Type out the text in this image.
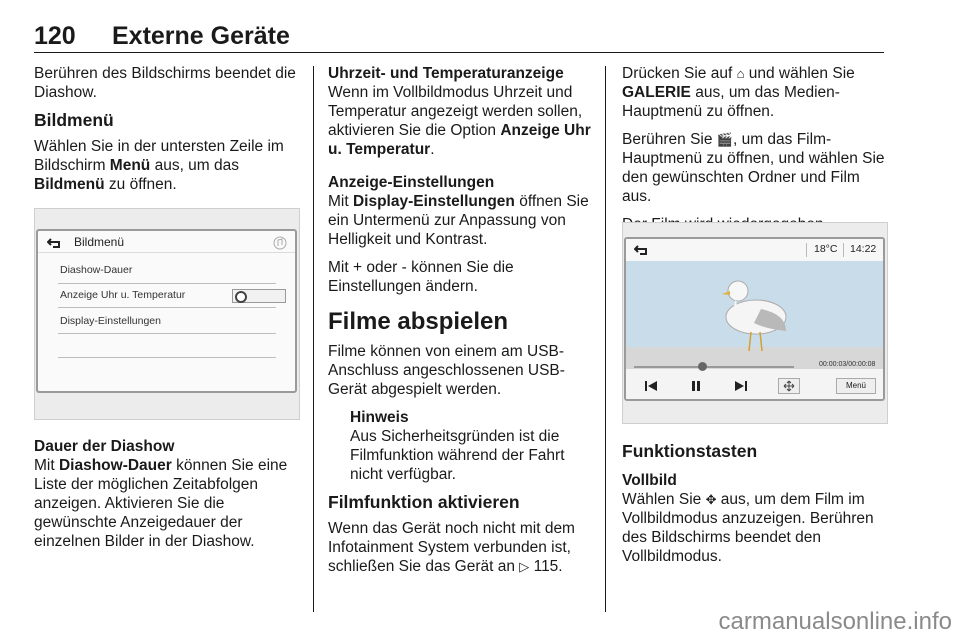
120 Externe Geräte

Berühren des Bildschirms beendet die Diashow.

Bildmenü

Wählen Sie in der untersten Zeile im Bildschirm Menü aus, um das Bildmenü zu öffnen.

Bildmenü
Diashow-Dauer
Anzeige Uhr u. Temperatur
Display-Einstellungen
Dauer der Diashow

Mit Diashow-Dauer können Sie eine Liste der möglichen Zeitabfolgen anzeigen. Aktivieren Sie die gewünschte Anzeigedauer der einzelnen Bilder in der Diashow.

Uhrzeit- und Temperaturanzeige

Wenn im Vollbildmodus Uhrzeit und Temperatur angezeigt werden sollen, aktivieren Sie die Option Anzeige Uhr u. Temperatur.

Anzeige-Einstellungen

Mit Display-Einstellungen öffnen Sie ein Untermenü zur Anpassung von Helligkeit und Kontrast.

Mit + oder - können Sie die Einstellungen ändern.

Filme abspielen

Filme können von einem am USB-Anschluss angeschlossenen USB-Gerät abgespielt werden.

Hinweis

Aus Sicherheitsgründen ist die Filmfunktion während der Fahrt nicht verfügbar.

Filmfunktion aktivieren

Wenn das Gerät noch nicht mit dem Infotainment System verbunden ist, schließen Sie das Gerät an ▷ 115.

Drücken Sie auf ⌂ und wählen Sie GALERIE aus, um das Medien-Hauptmenü zu öffnen.

Berühren Sie 🎬, um das Film-Hauptmenü zu öffnen, und wählen Sie den gewünschten Ordner und Film aus.

18°C 14:22
00:00:03/00:00:08
Menü
Funktionstasten
Vollbild

Wählen Sie ✥ aus, um dem Film im Vollbildmodus anzuzeigen. Berühren des Bildschirms beendet den Vollbildmodus.

carmanualsonline.info
